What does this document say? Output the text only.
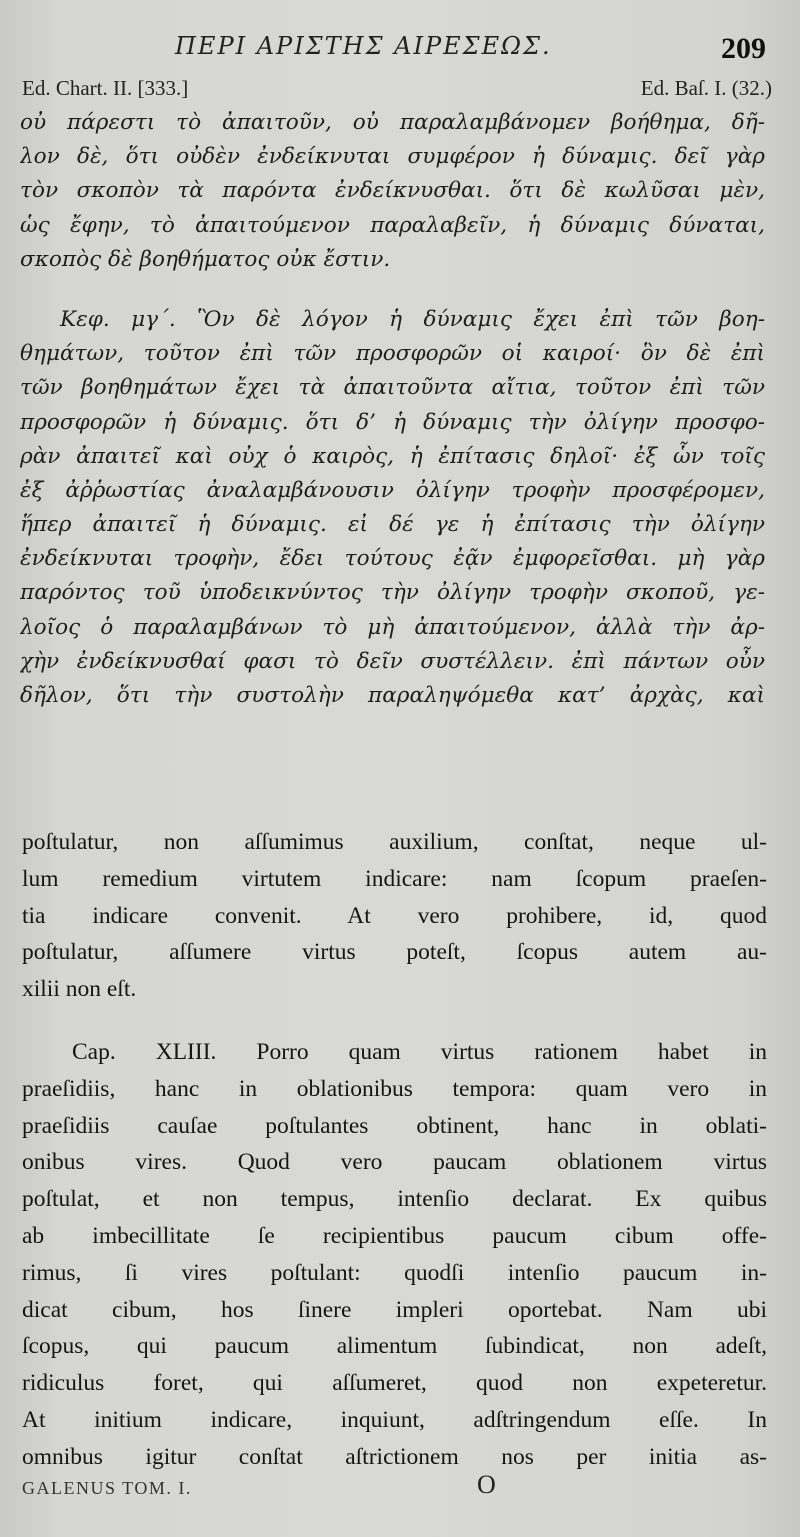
ΠΕΡΙ ΑΡΙΣΤΗΣ ΑΙΡΕΣΕΩΣ.	209
Ed. Chart. II. [333.]	Ed. Baſ. I. (32.)
οὐ πάρεστι τὸ ἀπαιτοῦν, οὐ παραλαμβάνομεν βοήθημα, δῆ-
λον δὲ, ὅτι οὐδὲν ἐνδείκνυται συμφέρον ἡ δύναμις. δεῖ γὰρ
τὸν σκοπὸν τὰ παρόντα ἐνδείκνυσθαι. ὅτι δὲ κωλῦσαι μὲν,
ὡς ἔφην, τὸ ἀπαιτούμενον παραλαβεῖν, ἡ δύναμις δύναται,
σκοπὸς δὲ βοηθήματος οὐκ ἔστιν.
Κεφ. μγ΄. Ὃν δὲ λόγον ἡ δύναμις ἔχει ἐπὶ τῶν βοη-
θημάτων, τοῦτον ἐπὶ τῶν προσφορῶν οἱ καιροί· ὃν δὲ ἐπὶ
τῶν βοηθημάτων ἔχει τὰ ἀπαιτοῦντα αἴτια, τοῦτον ἐπὶ τῶν
προσφορῶν ἡ δύναμις. ὅτι δ’ ἡ δύναμις τὴν ὀλίγην προσφο-
ρὰν ἀπαιτεῖ καὶ οὐχ ὁ καιρὸς, ἡ ἐπίτασις δηλοῖ· ἐξ ὧν τοῖς
ἐξ ἀῤῥωστίας ἀναλαμβάνουσιν ὀλίγην τροφὴν προσφέρομεν,
ἥπερ ἀπαιτεῖ ἡ δύναμις. εἰ δέ γε ἡ ἐπίτασις τὴν ὀλίγην
ἐνδείκνυται τροφὴν, ἔδει τούτους ἐᾷν ἐμφορεῖσθαι. μὴ γὰρ
παρόντος τοῦ ὑποδεικνύντος τὴν ὀλίγην τροφὴν σκοποῦ, γε-
λοῖος ὁ παραλαμβάνων τὸ μὴ ἀπαιτούμενον, ἀλλὰ τὴν ἀρ-
χὴν ἐνδείκνυσθαί φασι τὸ δεῖν συστέλλειν. ἐπὶ πάντων οὖν
δῆλον, ὅτι τὴν συστολὴν παραληψόμεθα κατ’ ἀρχὰς, καὶ
poſtulatur, non aſſumimus auxilium, conſtat, neque ul-
lum remedium virtutem indicare: nam ſcopum praeſen-
tia indicare convenit. At vero prohibere, id, quod
poſtulatur, aſſumere virtus poteſt, ſcopus autem au-
xilii non eſt.
Cap. XLIII. Porro quam virtus rationem habet in
praeſidiis, hanc in oblationibus tempora: quam vero in
praeſidiis cauſae poſtulantes obtinent, hanc in oblati-
onibus vires. Quod vero paucam oblationem virtus
poſtulat, et non tempus, intenſio declarat. Ex quibus
ab imbecillitate ſe recipientibus paucum cibum offe-
rimus, ſi vires poſtulant: quodſi intenſio paucum in-
dicat cibum, hos ſinere impleri oportebat. Nam ubi
ſcopus, qui paucum alimentum ſubindicat, non adeſt,
ridiculus foret, qui aſſumeret, quod non expeteretur.
At initium indicare, inquiunt, adſtringendum eſſe. In
omnibus igitur conſtat aſtrictionem nos per initia as-
GALENUS TOM. I.	O
